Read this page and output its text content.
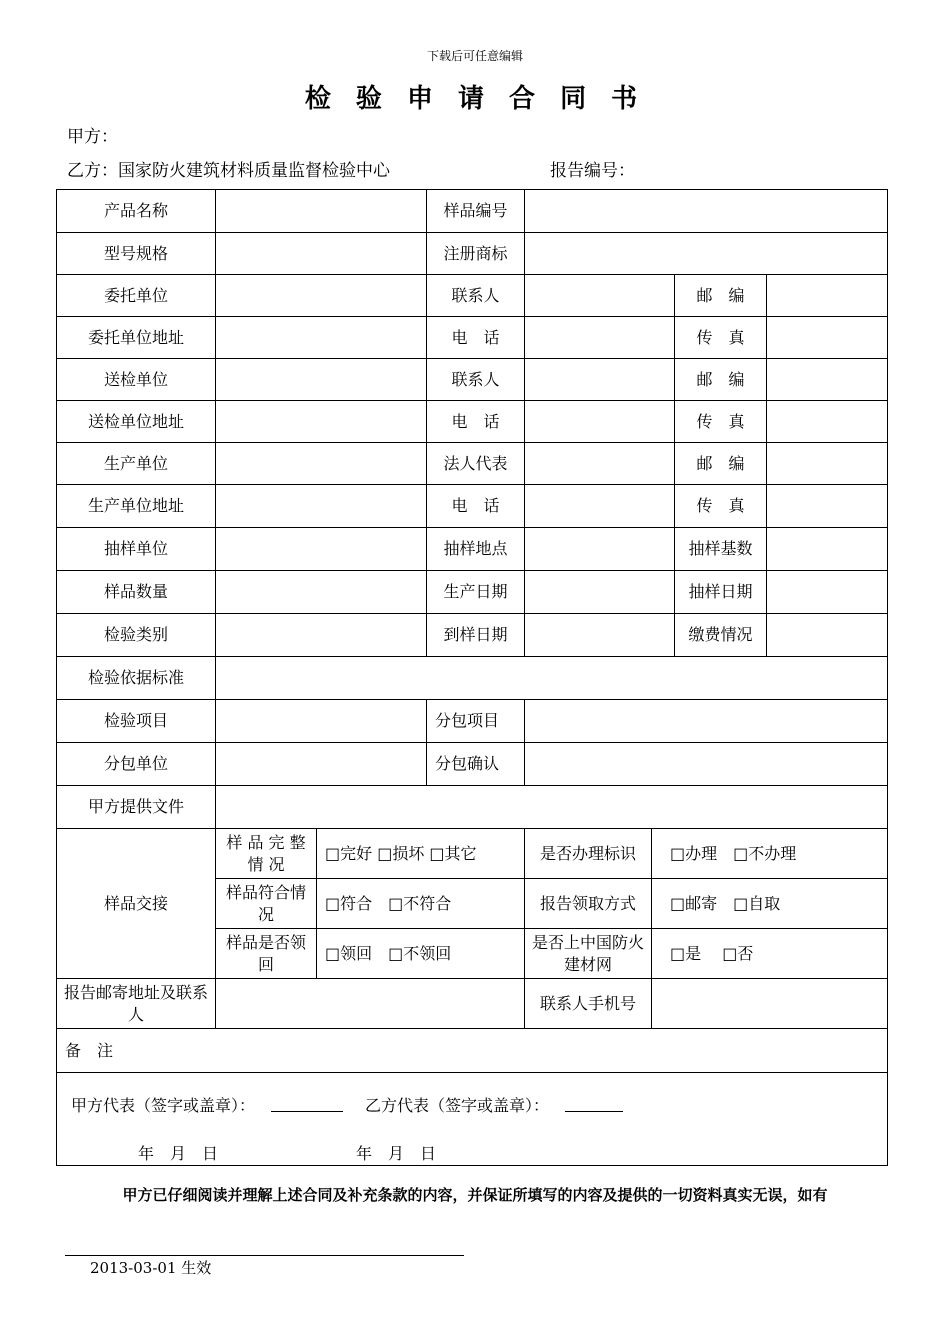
下载后可任意编辑
检 验 申 请 合 同 书
甲方：
乙方：国家防火建筑材料质量监督检验中心	报告编号：
产品名称			样品编号				
型号规格			注册商标				
委托单位			联系人			邮　编	
委托单位地址			电　话			传　真	
送检单位			联系人			邮　编	
送检单位地址			电　话			传　真	
生产单位			法人代表			邮　编	
生产单位地址			电　话			传　真	
抽样单位			抽样地点			抽样基数	
样品数量			生产日期			抽样日期	
检验类别			到样日期			缴费情况	
检验依据标准							
检验项目			分包项目				
分包单位			分包确认				
甲方提供文件							
样品交接	样 品 完 整 情 况	□完好 □损坏 □其它		是否办理标识	□办理　□不办理		
	样品符合情 况	□符合　□不符合		报告领取方式	□邮寄　□自取		
	样品是否领 回	□领回　□不领回		是否上中国防火建材网	□是　 □否		
报告邮寄地址及联系人				联系人手机号			
备　注							

甲方代表（签字或盖章）： 乙方代表（签字或盖章）：
年　月　日 年　月　日							
甲方已仔细阅读并理解上述合同及补充条款的内容，并保证所填写的内容及提供的一切资料真实无误，如有
2013-03-01 生效
